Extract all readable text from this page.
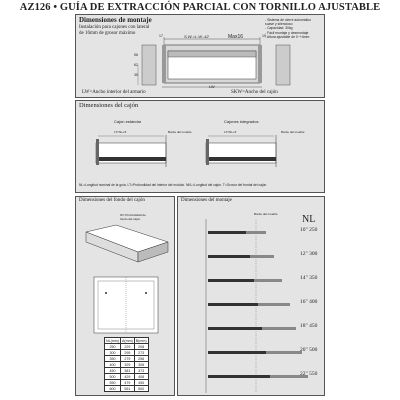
AZ126 • GUÍA DE EXTRACCIÓN PARCIAL CON TORNILLO AJUSTABLE
Dimensiones de montaje
Instalación para cajones con lateral
de 16mm de grosor máximo
- Sistema de cierre automático
suave y silencioso
- Capacidad: 30kg
- Fácil montaje y desmontaje
- Altura ajustable de 0~+4mm
S.W.=L.W.-42	Max16
LW
17	19
62
35
56
LW=Ancho interior del armario	SKW=Ancho del cajón
Dimensiones del cajón
Cajón estándar	Cajones integrados
Borde del mueble	Borde del mueble
LT=NL+5	LT=NL+5
NL=Longitud nominal de la guía. LT=Profundidad del interior del módulo. NKL=Longitud del cajón. T=Grosor del frontal del cajón
Dimensiones del fondo del cajón
W= Profundidad de
fondo del cajón
NL(mm)	A(mm)	B(mm)
250	229	208
300	295	273
350	279	258
400	329	308
450	381	373
500	429	408
550	479	455
600	551	500
Dimensiones del montaje
Borde del mueble NL
10" 250
12" 300
14" 350
16" 400
18" 450
20" 500
22" 550
